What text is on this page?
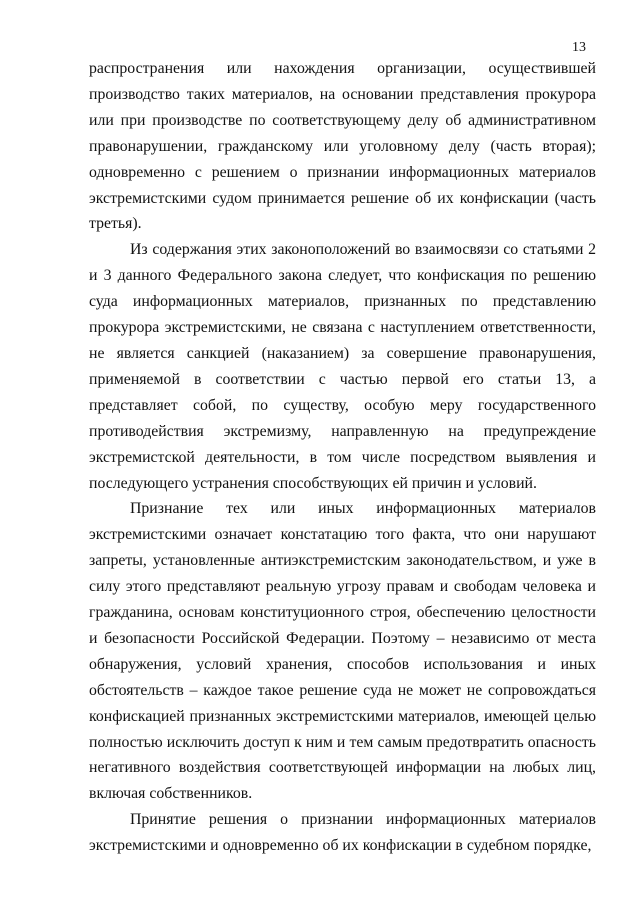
13

распространения или нахождения организации, осуществившей производство таких материалов, на основании представления прокурора или при производстве по соответствующему делу об административном правонарушении, гражданскому или уголовному делу (часть вторая); одновременно с решением о признании информационных материалов экстремистскими судом принимается решение об их конфискации (часть третья).

Из содержания этих законоположений во взаимосвязи со статьями 2 и 3 данного Федерального закона следует, что конфискация по решению суда информационных материалов, признанных по представлению прокурора экстремистскими, не связана с наступлением ответственности, не является санкцией (наказанием) за совершение правонарушения, применяемой в соответствии с частью первой его статьи 13, а представляет собой, по существу, особую меру государственного противодействия экстремизму, направленную на предупреждение экстремистской деятельности, в том числе посредством выявления и последующего устранения способствующих ей причин и условий.

Признание тех или иных информационных материалов экстремистскими означает констатацию того факта, что они нарушают запреты, установленные антиэкстремистским законодательством, и уже в силу этого представляют реальную угрозу правам и свободам человека и гражданина, основам конституционного строя, обеспечению целостности и безопасности Российской Федерации. Поэтому – независимо от места обнаружения, условий хранения, способов использования и иных обстоятельств – каждое такое решение суда не может не сопровождаться конфискацией признанных экстремистскими материалов, имеющей целью полностью исключить доступ к ним и тем самым предотвратить опасность негативного воздействия соответствующей информации на любых лиц, включая собственников.

Принятие решения о признании информационных материалов экстремистскими и одновременно об их конфискации в судебном порядке,
